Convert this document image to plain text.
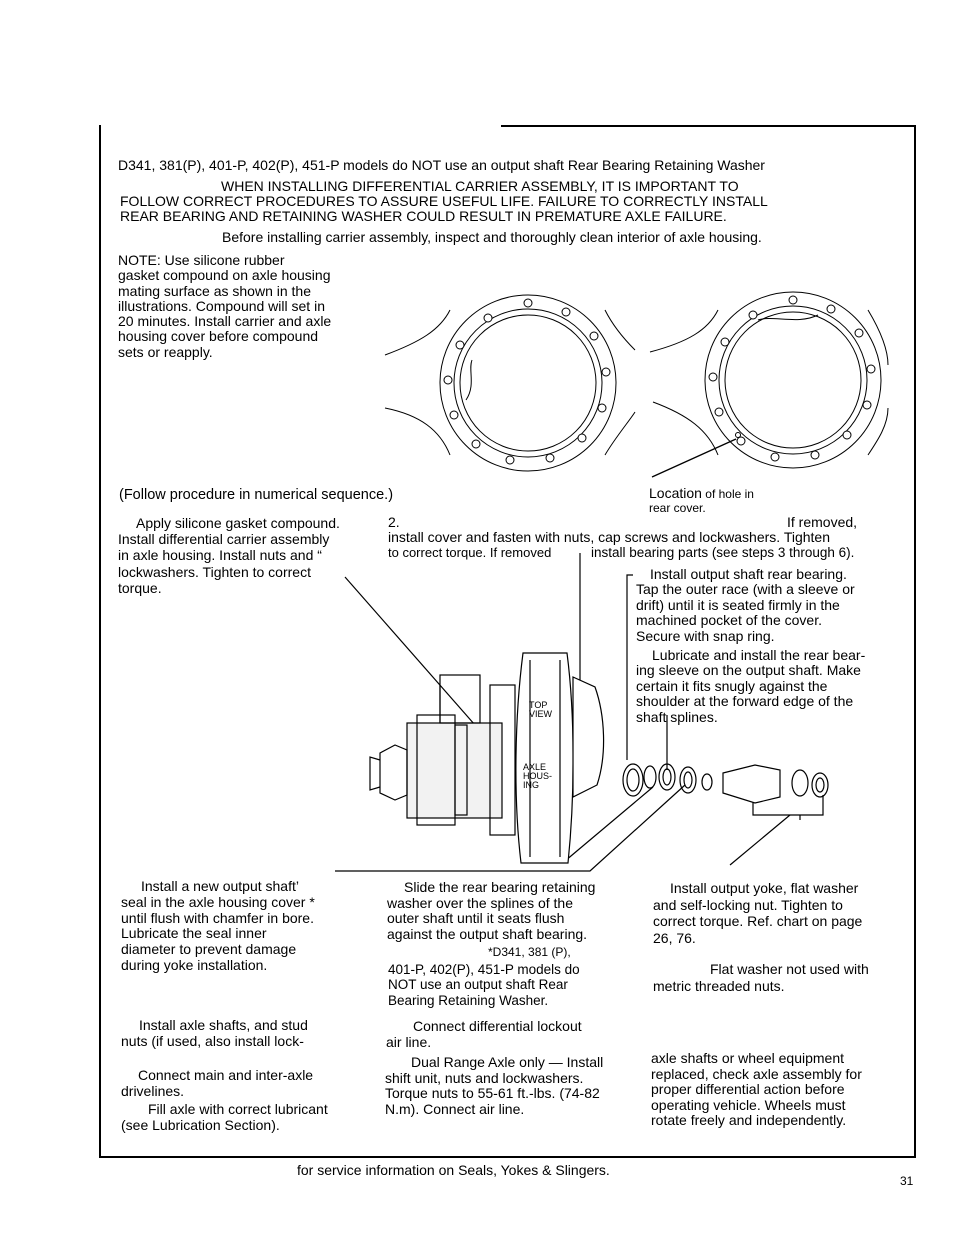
D341, 381(P), 401-P, 402(P), 451-P models do NOT use an output shaft Rear Bearing Retaining Washer
WHEN INSTALLING DIFFERENTIAL CARRIER ASSEMBLY, IT IS IMPORTANT TO
FOLLOW CORRECT PROCEDURES TO ASSURE USEFUL LIFE. FAILURE TO CORRECTLY INSTALL
REAR BEARING AND RETAINING WASHER COULD RESULT IN PREMATURE AXLE FAILURE.
Before installing carrier assembly, inspect and thoroughly clean interior of axle housing.
NOTE: Use silicone rubber
gasket compound on axle housing
mating surface as shown in the
illustrations. Compound will set in
20 minutes. Install carrier and axle
housing cover before compound
sets or reapply.

Location of hole in
rear cover.

(Follow procedure in numerical sequence.)
Apply silicone gasket compound.
Install differential carrier assembly
in axle housing. Install nuts and “
lockwashers. Tighten to correct
torque.
2.	If removed,
install cover and fasten with nuts, cap screws and lockwashers. Tighten
to correct torque. If removed	install bearing parts (see steps 3 through 6).
Install output shaft rear bearing.
Tap the outer race (with a sleeve or
drift) until it is seated firmly in the
machined pocket of the cover.
Secure with snap ring.
Lubricate and install the rear bear-
ing sleeve on the output shaft. Make
certain it fits snugly against the
shoulder at the forward edge of the
shaft splines.
TOP VIEW
AXLE HOUS- ING
Install a new output shaft’
seal in the axle housing cover *
until flush with chamfer in bore.
Lubricate the seal inner
diameter to prevent damage
during yoke installation.
Slide the rear bearing retaining
washer over the splines of the
outer shaft until it seats flush
against the output shaft bearing.
*D341, 381 (P),
401-P, 402(P), 451-P models do
NOT use an output shaft Rear
Bearing Retaining Washer.
Install output yoke, flat washer
and self-locking nut. Tighten to
correct torque. Ref. chart on page
26, 76.
Flat washer not used with
metric threaded nuts.
Install axle shafts, and stud
nuts (if used, also install lock-
Connect main and inter-axle
drivelines.
Fill axle with correct lubricant
(see Lubrication Section).
Connect differential lockout
air line.
Dual Range Axle only — Install
shift unit, nuts and lockwashers.
Torque nuts to 55-61 ft.-lbs. (74-82
N.m). Connect air line.
axle shafts or wheel equipment
replaced, check axle assembly for
proper differential action before
operating vehicle. Wheels must
rotate freely and independently.
for service information on Seals, Yokes & Slingers.
31
